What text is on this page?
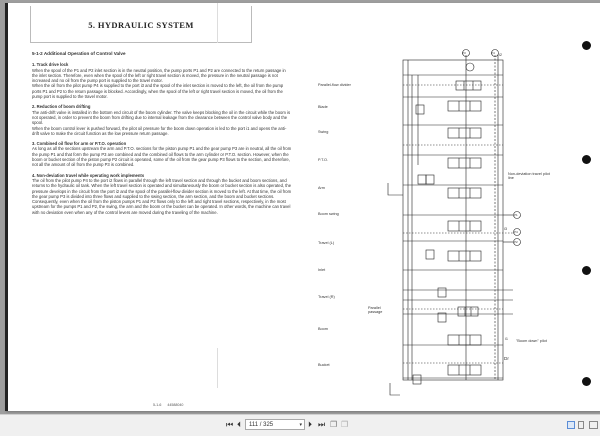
5. HYDRAULIC SYSTEM
5-1-2 Additional Operation of Control Valve
1. Track drive lock

When the spool of the P1 and P2 inlet section is in the neutral position, the pump ports P1 and P2 are connected to the return passage in the inlet section. Therefore, even when the spool of the left or right travel section is moved, the pressure in the neutral passage is not increased and no oil from the pump port is supplied to the travel motor.

When the oil from the pilot pump P4 is supplied to the port i3 and the spool of the inlet section is moved to the left, the oil from the pump ports P1 and P2 to the return passage is blocked. Accordingly, when the spool of the left or right travel section is moved, the oil from the pump port is supplied to the travel motor.

2. Reduction of boom drifting

The anti-drift valve is installed in the bottom end circuit of the boom cylinder. The valve keeps blocking the oil in the circuit while the boom is not operated, in order to prevent the boom from drifting due to internal leakage from the clearance between the control valve body and the spool.

When the boom control lever is pushed forward, the pilot oil pressure for the boom down operation is led to the port i1 and opens the anti-drift valve to make the circuit function as the low pressure return passage.

3. Combined oil flow for arm or P.T.O. operation

As long as all the sections upstream the arm and P.T.O. sections for the piston pump P1 and the gear pump P3 are in neutral, all the oil from the pump P1 and that form the pump P3 are combined and the combined oil flows to the arm cylinder or P.T.O. section. However, when the boom or bucket section of the piston pump P2 circuit is operated, some of the oil from the gear pump P3 flows to the section, and therefore, not all the amount of oil from the pump P3 is combined.

4. Non-deviation travel while operating work implements

The oil from the pilot pump P4 to the port i2 flows in parallel through the left travel section and through the bucket and boom sections, and returns to the hydraulic oil tank. When the left travel section is operated and simultaneously the boom or bucket section is also operated, the pressure develops in the circuit from the port i2 and the spool of the parallel-flow divider section is moved to the left. At that time, the oil from the gear pump P3 is divided into three flows and supplied to the swing section, the arm section, and the boom and bucket sections. Consequently, even when the oil from the piston pumps P1 and P2 flows only to the left and right travel sections, respectively, in the most upstream for the pumps P1 and P2, the swing, the arm and the boom or the bucket can be operated. In other words, the machine can travel with no deviation even when any of the control levers are moved during the traveling of the machine.

5-1-6 44588040
Parallel-flow divider
Blade
Swing
P.T.O.
Arm
Boom swing
Travel (L)
Inlet
Travel (R)
Parallel passage
Boom
Bucket
Non-deviation travel pilot line
"Boom down" pilot
i1
i2
i3
Dr
P3	P4
P1
P4
P2
⏮ ⏴	111 / 325	▾ ⏵ ⏭ ❐ ❐
